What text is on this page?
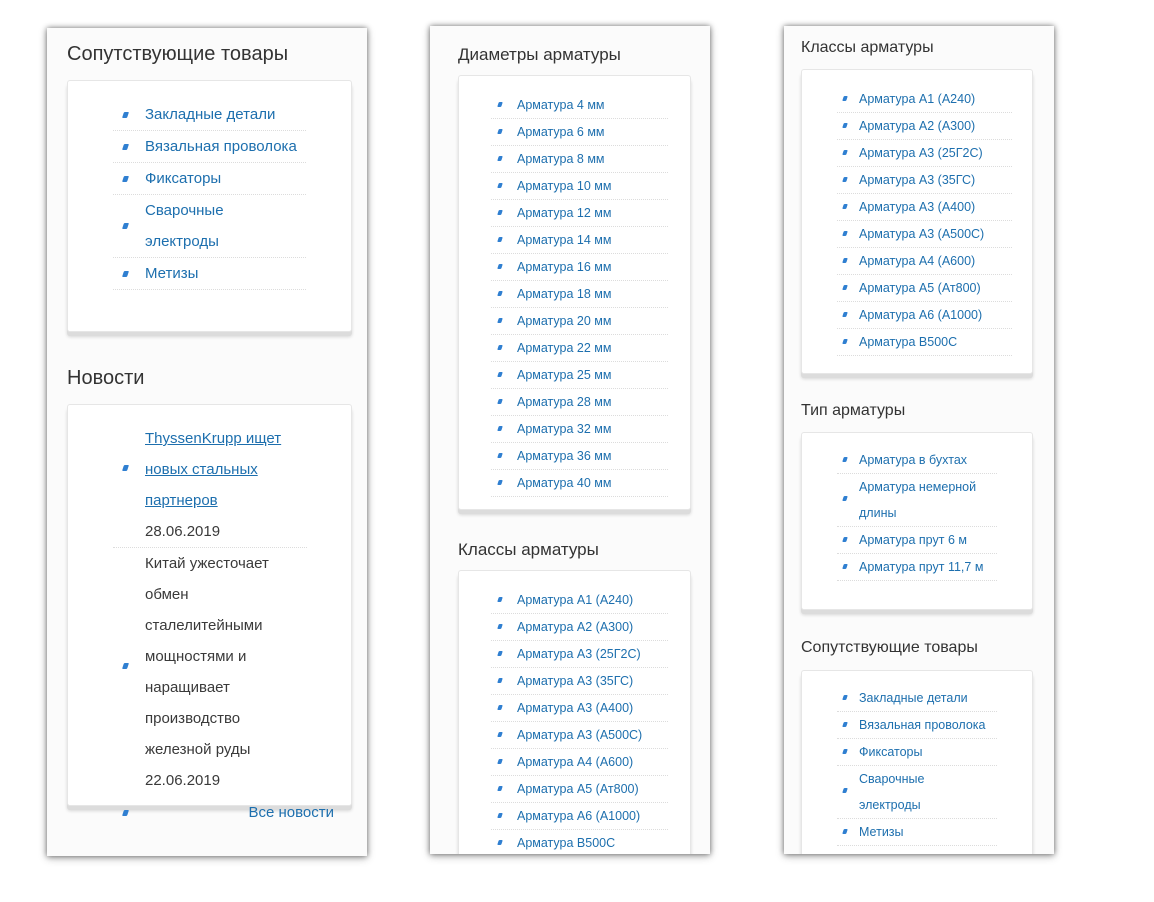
Сопутствующие товары
Закладные детали
Вязальная проволока
Фиксаторы
Сварочные электроды
Метизы
Новости
ThyssenKrupp ищет новых стальных партнеров 28.06.2019
Китай ужесточает обмен сталелитейными мощностями и наращивает производство железной руды
22.06.2019
Все новости
Диаметры арматуры
Арматура 4 мм
Арматура 6 мм
Арматура 8 мм
Арматура 10 мм
Арматура 12 мм
Арматура 14 мм
Арматура 16 мм
Арматура 18 мм
Арматура 20 мм
Арматура 22 мм
Арматура 25 мм
Арматура 28 мм
Арматура 32 мм
Арматура 36 мм
Арматура 40 мм
Классы арматуры
Арматура А1 (А240)
Арматура А2 (А300)
Арматура А3 (25Г2С)
Арматура А3 (35ГС)
Арматура А3 (А400)
Арматура А3 (А500С)
Арматура А4 (А600)
Арматура А5 (Ат800)
Арматура А6 (А1000)
Арматура В500С
Классы арматуры
Арматура А1 (А240)
Арматура А2 (А300)
Арматура А3 (25Г2С)
Арматура А3 (35ГС)
Арматура А3 (А400)
Арматура А3 (А500С)
Арматура А4 (А600)
Арматура А5 (Ат800)
Арматура А6 (А1000)
Арматура В500С
Тип арматуры
Арматура в бухтах
Арматура немерной длины
Арматура прут 6 м
Арматура прут 11,7 м
Сопутствующие товары
Закладные детали
Вязальная проволока
Фиксаторы
Сварочные электроды
Метизы
